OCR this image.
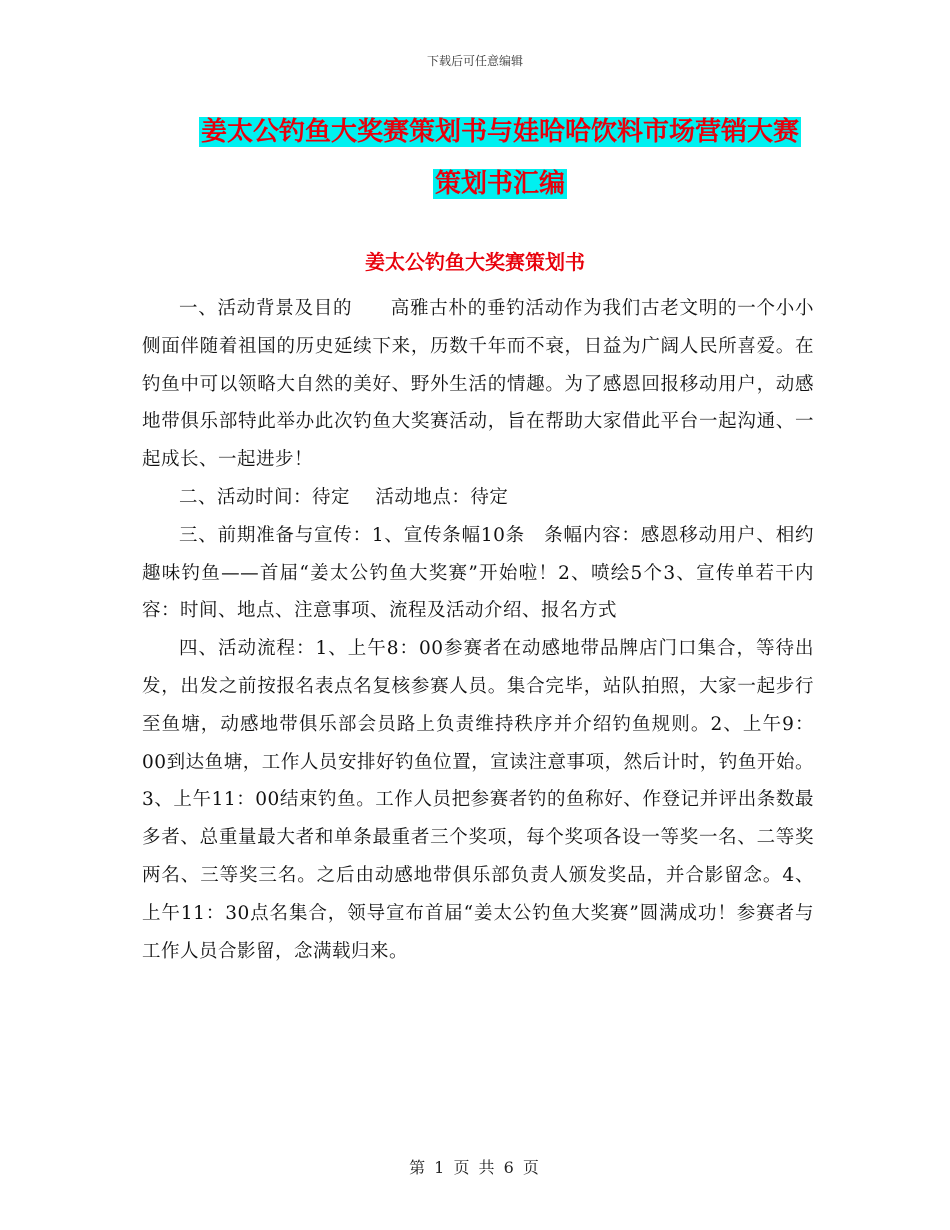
下载后可任意编辑
姜太公钓鱼大奖赛策划书与娃哈哈饮料市场营销大赛
策划书汇编
姜太公钓鱼大奖赛策划书

一、活动背景及目的　　高雅古朴的垂钓活动作为我们古老文明的一个小小侧面伴随着祖国的历史延续下来，历数千年而不衰，日益为广阔人民所喜爱。在钓鱼中可以领略大自然的美好、野外生活的情趣。为了感恩回报移动用户，动感地带俱乐部特此举办此次钓鱼大奖赛活动，旨在帮助大家借此平台一起沟通、一起成长、一起进步！

二、活动时间：待定　 活动地点：待定

三、前期准备与宣传：1、宣传条幅10条　条幅内容：感恩移动用户、相约趣味钓鱼——首届“姜太公钓鱼大奖赛”开始啦！2、喷绘5个3、宣传单若干内容：时间、地点、注意事项、流程及活动介绍、报名方式

四、活动流程：1、上午8：00参赛者在动感地带品牌店门口集合，等待出发，出发之前按报名表点名复核参赛人员。集合完毕，站队拍照，大家一起步行至鱼塘，动感地带俱乐部会员路上负责维持秩序并介绍钓鱼规则。2、上午9：00到达鱼塘，工作人员安排好钓鱼位置，宣读注意事项，然后计时，钓鱼开始。3、上午11：00结束钓鱼。工作人员把参赛者钓的鱼称好、作登记并评出条数最多者、总重量最大者和单条最重者三个奖项，每个奖项各设一等奖一名、二等奖两名、三等奖三名。之后由动感地带俱乐部负责人颁发奖品，并合影留念。4、上午11：30点名集合，领导宣布首届“姜太公钓鱼大奖赛”圆满成功！参赛者与工作人员合影留，念满载归来。

第 1 页 共 6 页
